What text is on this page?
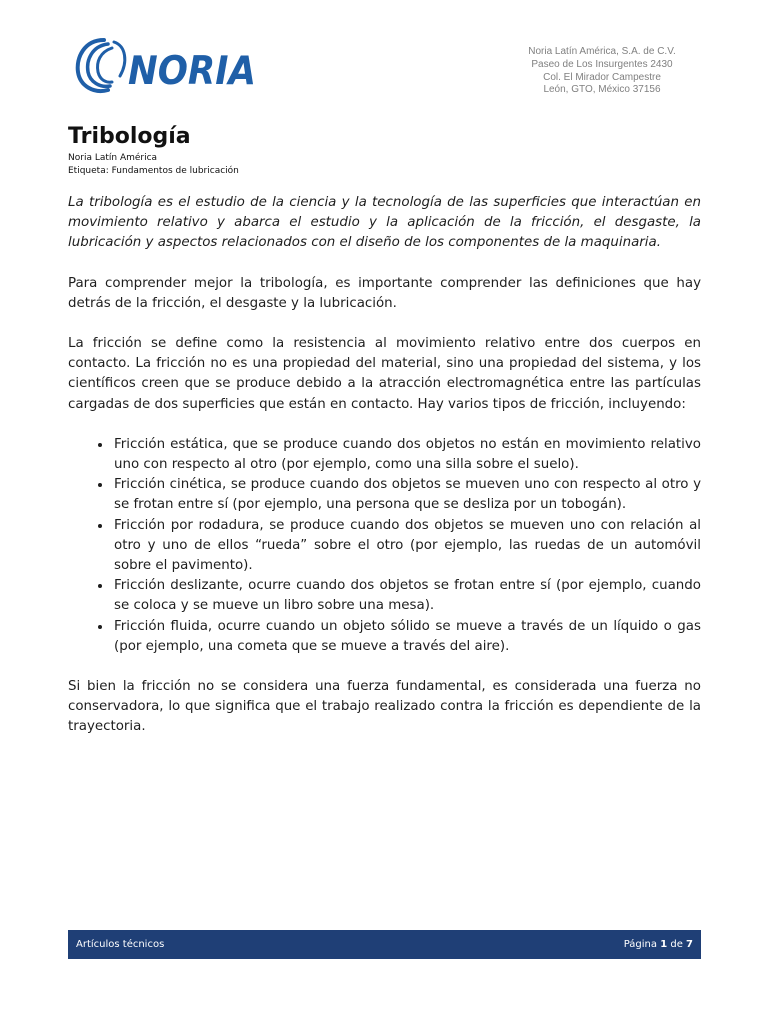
NORIA	Noria Latín América, S.A. de C.V.
Paseo de Los Insurgentes 2430
Col. El Mirador Campestre
León, GTO, México 37156
Tribología
Noria Latín América
Etiqueta: Fundamentos de lubricación

La tribología es el estudio de la ciencia y la tecnología de las superficies que interactúan en movimiento relativo y abarca el estudio y la aplicación de la fricción, el desgaste, la lubricación y aspectos relacionados con el diseño de los componentes de la maquinaria.

Para comprender mejor la tribología, es importante comprender las definiciones que hay detrás de la fricción, el desgaste y la lubricación.

La fricción se define como la resistencia al movimiento relativo entre dos cuerpos en contacto. La fricción no es una propiedad del material, sino una propiedad del sistema, y los científicos creen que se produce debido a la atracción electromagnética entre las partículas cargadas de dos superficies que están en contacto. Hay varios tipos de fricción, incluyendo:

• Fricción estática, que se produce cuando dos objetos no están en movimiento relativo uno con respecto al otro (por ejemplo, como una silla sobre el suelo).
• Fricción cinética, se produce cuando dos objetos se mueven uno con respecto al otro y se frotan entre sí (por ejemplo, una persona que se desliza por un tobogán).
• Fricción por rodadura, se produce cuando dos objetos se mueven uno con relación al otro y uno de ellos “rueda” sobre el otro (por ejemplo, las ruedas de un automóvil sobre el pavimento).
• Fricción deslizante, ocurre cuando dos objetos se frotan entre sí (por ejemplo, cuando se coloca y se mueve un libro sobre una mesa).
• Fricción fluida, ocurre cuando un objeto sólido se mueve a través de un líquido o gas (por ejemplo, una cometa que se mueve a través del aire).

Si bien la fricción no se considera una fuerza fundamental, es considerada una fuerza no conservadora, lo que significa que el trabajo realizado contra la fricción es dependiente de la trayectoria.

Artículos técnicos	Página 1 de 7
